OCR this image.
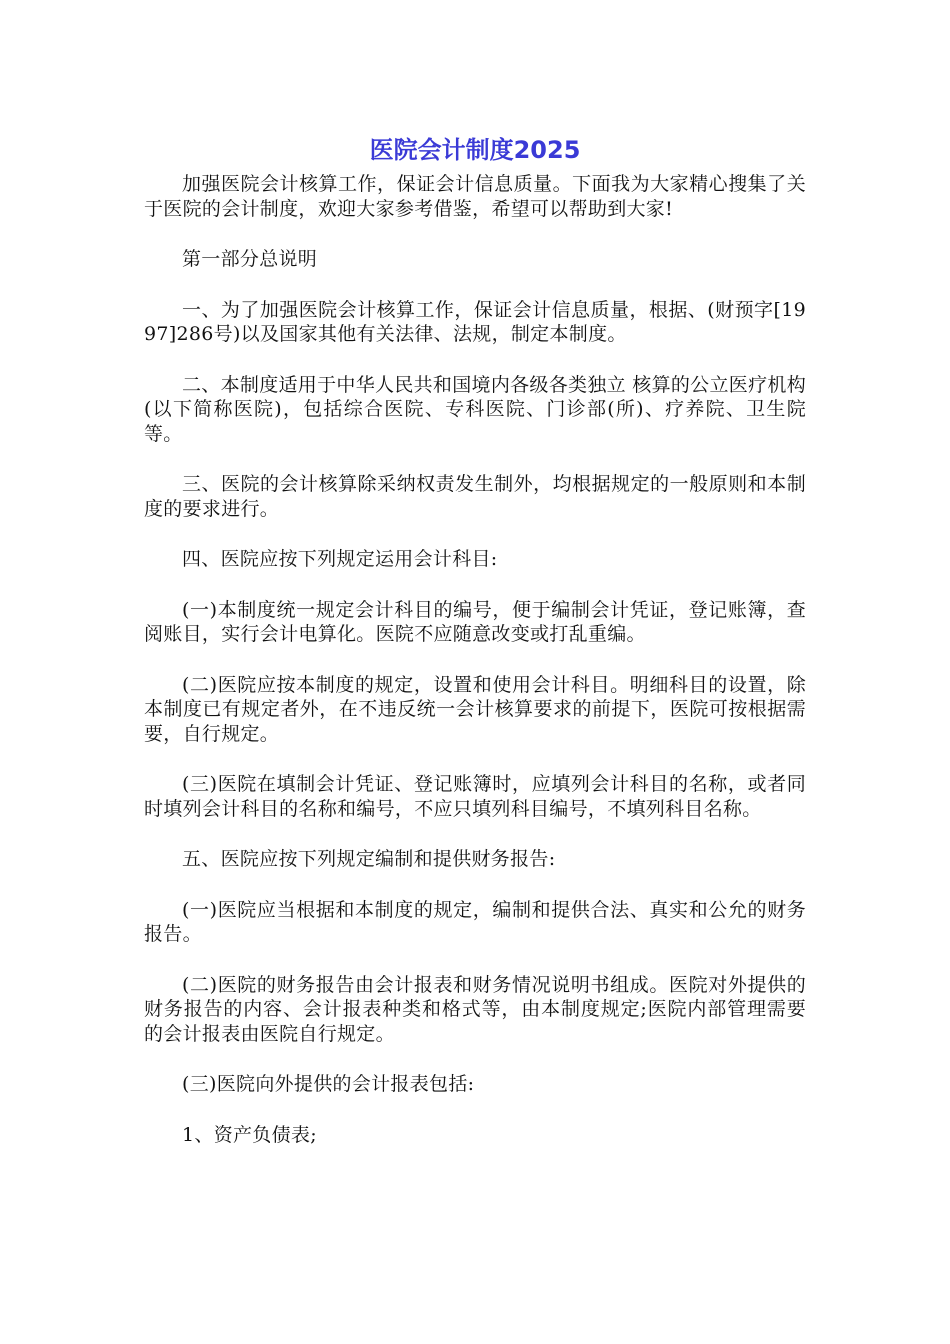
医院会计制度2025

加强医院会计核算工作，保证会计信息质量。下面我为大家精心搜集了关于医院的会计制度，欢迎大家参考借鉴，希望可以帮助到大家!

第一部分总说明

一、为了加强医院会计核算工作，保证会计信息质量，根据、(财预字[1997]286号)以及国家其他有关法律、法规，制定本制度。

二、本制度适用于中华人民共和国境内各级各类独立 核算的公立医疗机构(以下简称医院)，包括综合医院、专科医院、门诊部(所)、疗养院、卫生院等。

三、医院的会计核算除采纳权责发生制外，均根据规定的一般原则和本制度的要求进行。

四、医院应按下列规定运用会计科目:

(一)本制度统一规定会计科目的编号，便于编制会计凭证，登记账簿，查阅账目，实行会计电算化。医院不应随意改变或打乱重编。

(二)医院应按本制度的规定，设置和使用会计科目。明细科目的设置，除本制度已有规定者外，在不违反统一会计核算要求的前提下，医院可按根据需要，自行规定。

(三)医院在填制会计凭证、登记账簿时，应填列会计科目的名称，或者同时填列会计科目的名称和编号，不应只填列科目编号，不填列科目名称。

五、医院应按下列规定编制和提供财务报告:

(一)医院应当根据和本制度的规定，编制和提供合法、真实和公允的财务报告。

(二)医院的财务报告由会计报表和财务情况说明书组成。医院对外提供的财务报告的内容、会计报表种类和格式等，由本制度规定;医院内部管理需要的会计报表由医院自行规定。

(三)医院向外提供的会计报表包括:

1、资产负债表;
